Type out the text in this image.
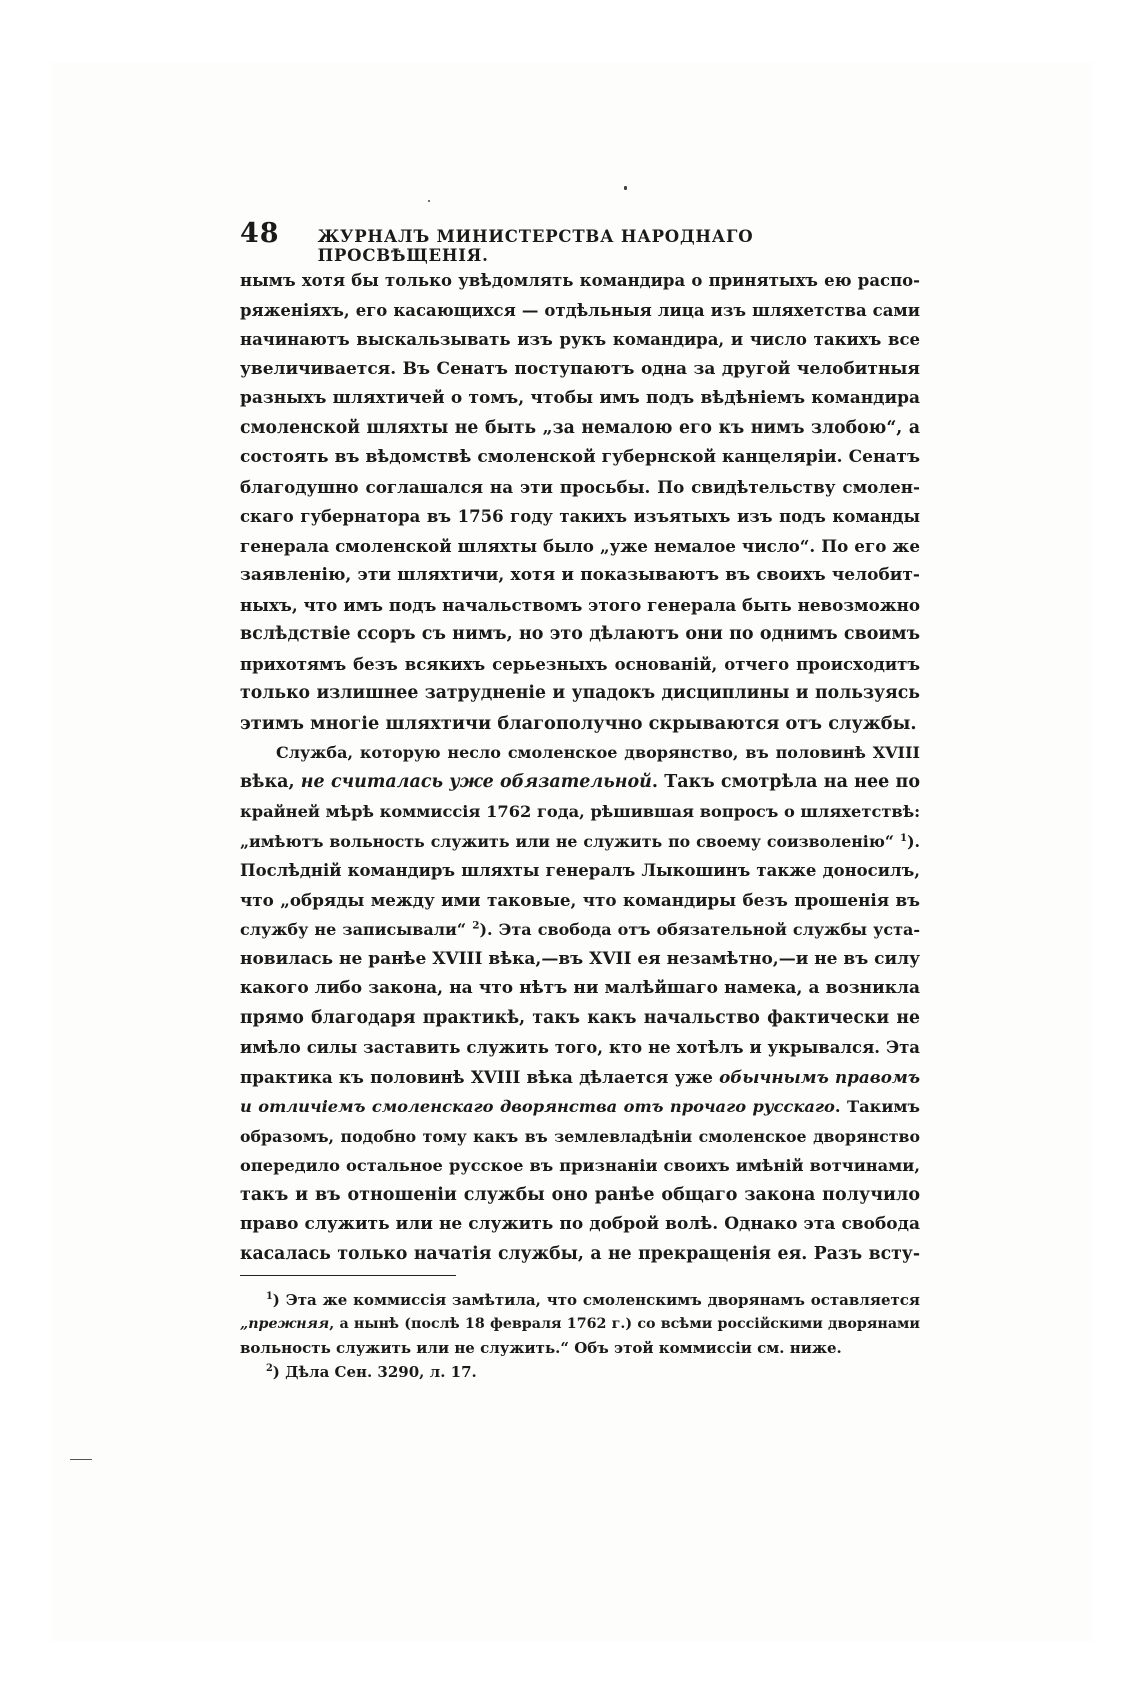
48 ЖУРНАЛЪ МИНИСТЕРСТВА НАРОДНАГО ПРОСВѢЩЕНІЯ.
нымъ хотя бы только увѣдомлять командира о принятыхъ ею распо-
ряженіяхъ, его касающихся — отдѣльныя лица изъ шляхетства сами
начинаютъ выскальзывать изъ рукъ командира, и число такихъ все
увеличивается. Въ Сенатъ поступаютъ одна за другой челобитныя
разныхъ шляхтичей о томъ, чтобы имъ подъ вѣдѣніемъ командира
смоленской шляхты не быть „за немалою его къ нимъ злобою“, а
состоять въ вѣдомствѣ смоленской губернской канцеляріи. Сенатъ
благодушно соглашался на эти просьбы. По свидѣтельству смолен-
скаго губернатора въ 1756 году такихъ изъятыхъ изъ подъ команды
генерала смоленской шляхты было „уже немалое число“. По его же
заявленію, эти шляхтичи, хотя и показываютъ въ своихъ челобит-
ныхъ, что имъ подъ начальствомъ этого генерала быть невозможно
вслѣдствіе ссоръ съ нимъ, но это дѣлаютъ они по однимъ своимъ
прихотямъ безъ всякихъ серьезныхъ основаній, отчего происходитъ
только излишнее затрудненіе и упадокъ дисциплины и пользуясь
этимъ многіе шляхтичи благополучно скрываются отъ службы.
Служба, которую несло смоленское дворянство, въ половинѣ XVIII
вѣка, не считалась уже обязательной. Такъ смотрѣла на нее по
крайней мѣрѣ коммиссія 1762 года, рѣшившая вопросъ о шляхетствѣ:
„имѣютъ вольность служить или не служить по своему соизволенію“ $^1$).
Послѣдній командиръ шляхты генералъ Лыкошинъ также доносилъ,
что „обряды между ими таковые, что командиры безъ прошенія въ
службу не записывали“ $^2$). Эта свобода отъ обязательной службы уста-
новилась не ранѣе XVIII вѣка,—въ XVII ея незамѣтно,—и не въ силу
какого либо закона, на что нѣтъ ни малѣйшаго намека, а возникла
прямо благодаря практикѣ, такъ какъ начальство фактически не
имѣло силы заставить служить того, кто не хотѣлъ и укрывался. Эта
практика къ половинѣ XVIII вѣка дѣлается уже обычнымъ правомъ
и отличіемъ смоленскаго дворянства отъ прочаго русскаго. Такимъ
образомъ, подобно тому какъ въ землевладѣніи смоленское дворянство
опередило остальное русское въ признаніи своихъ имѣній вотчинами,
такъ и въ отношеніи службы оно ранѣе общаго закона получило
право служить или не служить по доброй волѣ. Однако эта свобода
касалась только начатія службы, а не прекращенія ея. Разъ всту-
$^1$) Эта же коммиссія замѣтила, что смоленскимъ дворянамъ оставляется
„прежняя, а нынѣ (послѣ 18 февраля 1762 г.) со всѣми россійскими дворянами
вольность служить или не служить.“ Объ этой коммиссіи см. ниже.
$^2$) Дѣла Сен. 3290, л. 17.
